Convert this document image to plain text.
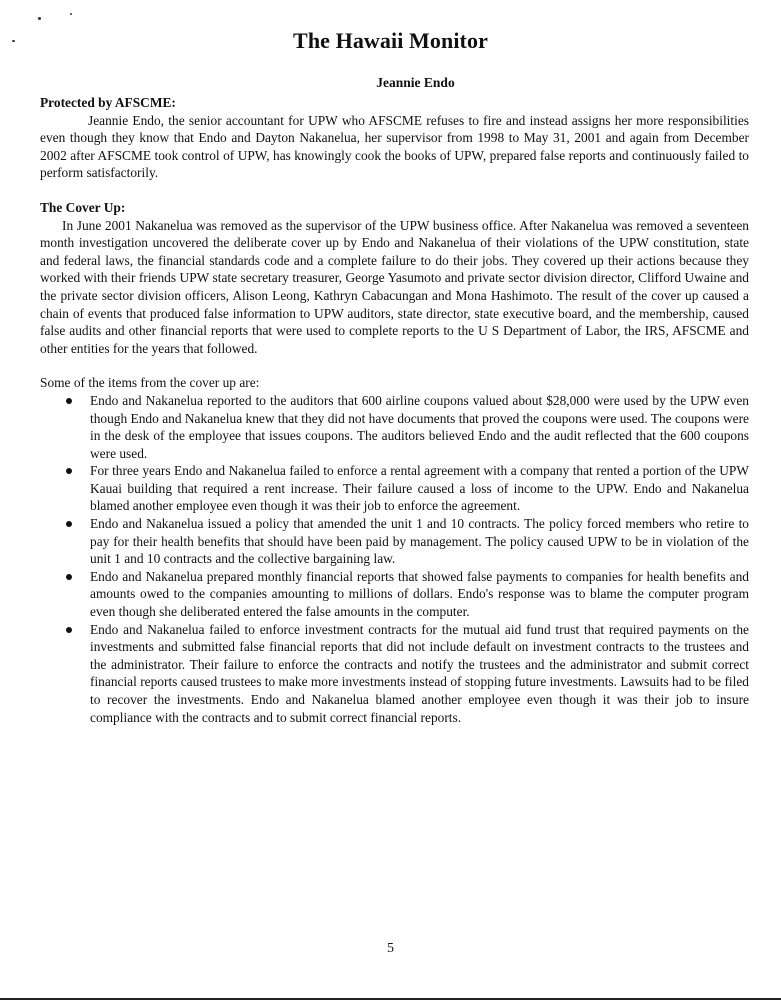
The Hawaii Monitor
Jeannie Endo
Protected by AFSCME:

Jeannie Endo, the senior accountant for UPW who AFSCME refuses to fire and instead assigns her more responsibilities even though they know that Endo and Dayton Nakanelua, her supervisor from 1998 to May 31, 2001 and again from December 2002 after AFSCME took control of UPW, has knowingly cook the books of UPW, prepared false reports and continuously failed to perform satisfactorily.

The Cover Up:

In June 2001 Nakanelua was removed as the supervisor of the UPW business office. After Nakanelua was removed a seventeen month investigation uncovered the deliberate cover up by Endo and Nakanelua of their violations of the UPW constitution, state and federal laws, the financial standards code and a complete failure to do their jobs. They covered up their actions because they worked with their friends UPW state secretary treasurer, George Yasumoto and private sector division director, Clifford Uwaine and the private sector division officers, Alison Leong, Kathryn Cabacungan and Mona Hashimoto. The result of the cover up caused a chain of events that produced false information to UPW auditors, state director, state executive board, and the membership, caused false audits and other financial reports that were used to complete reports to the U S Department of Labor, the IRS, AFSCME and other entities for the years that followed.

Some of the items from the cover up are:

Endo and Nakanelua reported to the auditors that 600 airline coupons valued about $28,000 were used by the UPW even though Endo and Nakanelua knew that they did not have documents that proved the coupons were used. The coupons were in the desk of the employee that issues coupons. The auditors believed Endo and the audit reflected that the 600 coupons were used.
For three years Endo and Nakanelua failed to enforce a rental agreement with a company that rented a portion of the UPW Kauai building that required a rent increase. Their failure caused a loss of income to the UPW. Endo and Nakanelua blamed another employee even though it was their job to enforce the agreement.
Endo and Nakanelua issued a policy that amended the unit 1 and 10 contracts. The policy forced members who retire to pay for their health benefits that should have been paid by management. The policy caused UPW to be in violation of the unit 1 and 10 contracts and the collective bargaining law.
Endo and Nakanelua prepared monthly financial reports that showed false payments to companies for health benefits and amounts owed to the companies amounting to millions of dollars. Endo's response was to blame the computer program even though she deliberated entered the false amounts in the computer.
Endo and Nakanelua failed to enforce investment contracts for the mutual aid fund trust that required payments on the investments and submitted false financial reports that did not include default on investment contracts to the trustees and the administrator. Their failure to enforce the contracts and notify the trustees and the administrator and submit correct financial reports caused trustees to make more investments instead of stopping future investments. Lawsuits had to be filed to recover the investments. Endo and Nakanelua blamed another employee even though it was their job to insure compliance with the contracts and to submit correct financial reports.
5
